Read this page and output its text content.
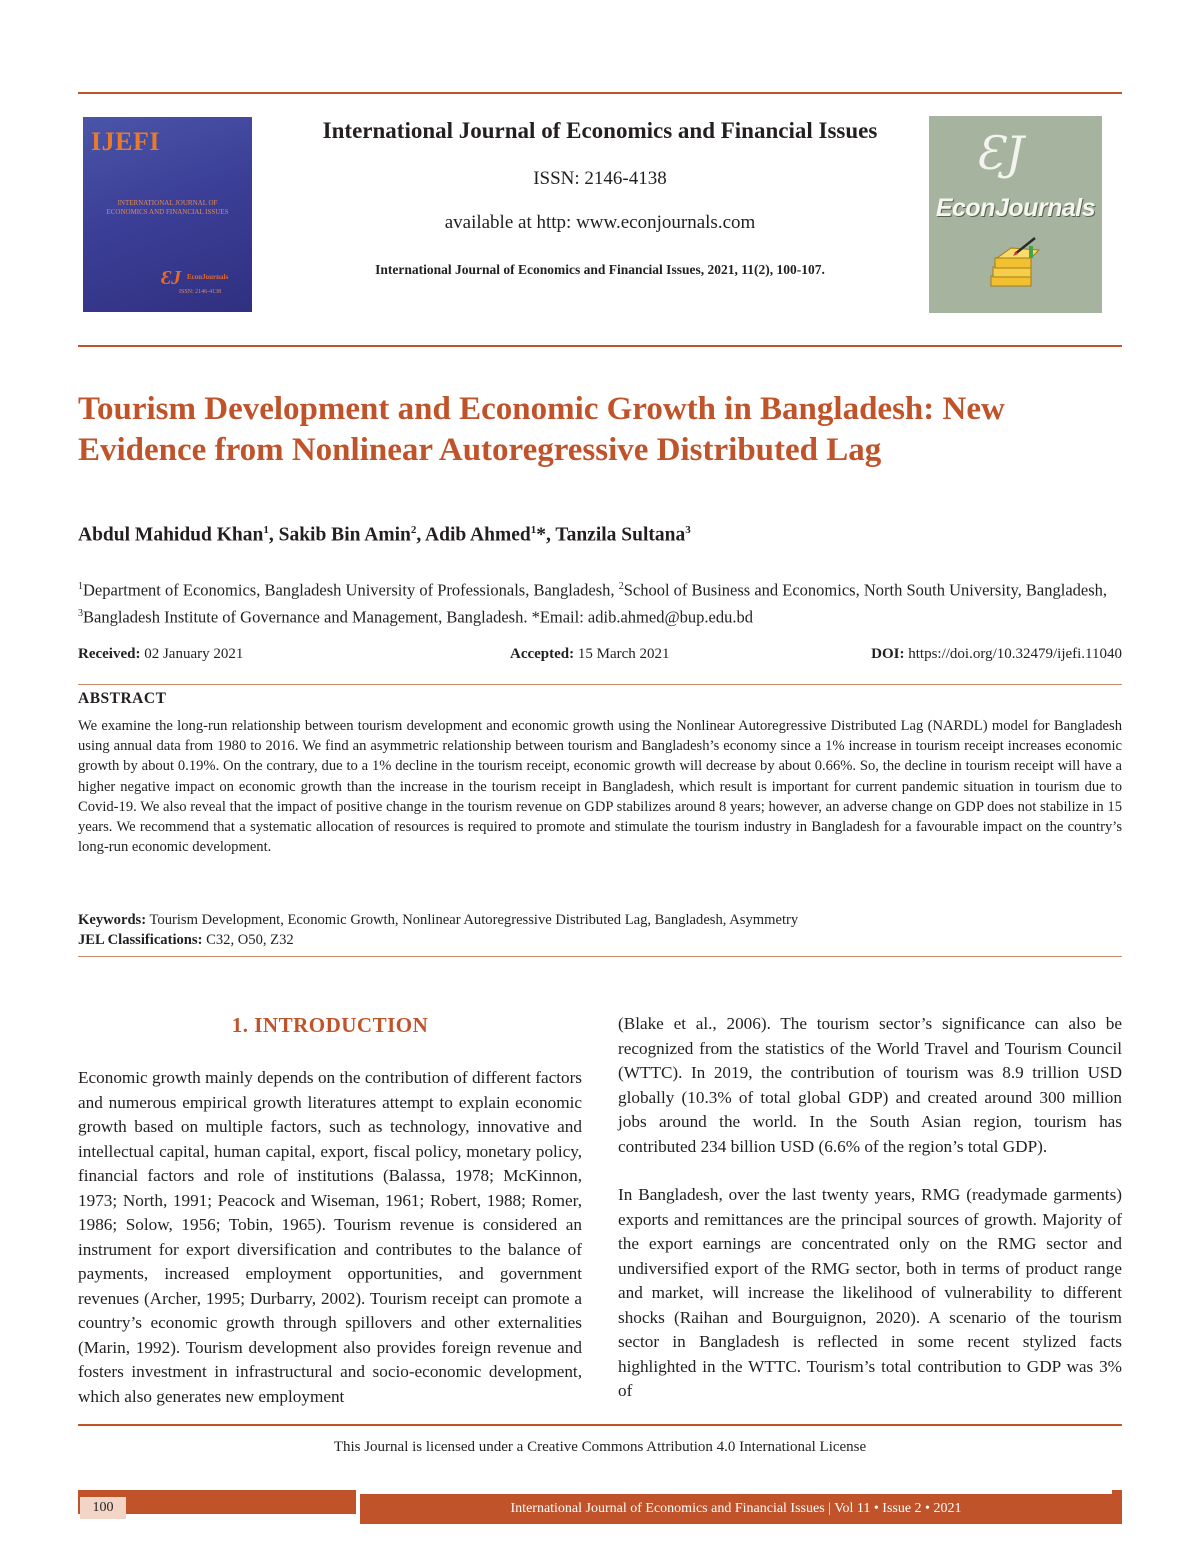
IJEFI
INTERNATIONAL JOURNAL OF
ECONOMICS AND FINANCIAL ISSUES
ƐJ EconJournals
ISSN: 2146-4138
International Journal of Economics and Financial Issues
ISSN: 2146-4138
available at http: www.econjournals.com
International Journal of Economics and Financial Issues, 2021, 11(2), 100-107.
ƐJ
EconJournals
Tourism Development and Economic Growth in Bangladesh: New Evidence from Nonlinear Autoregressive Distributed Lag

Abdul Mahidud Khan$^1$, Sakib Bin Amin$^2$, Adib Ahmed$^1$*, Tanzila Sultana$^3$

$^1$Department of Economics, Bangladesh University of Professionals, Bangladesh, $^2$School of Business and Economics, North South University, Bangladesh, $^3$Bangladesh Institute of Governance and Management, Bangladesh. *Email: adib.ahmed@bup.edu.bd

Received: 02 January 2021	Accepted: 15 March 2021	DOI: https://doi.org/10.32479/ijefi.11040
ABSTRACT

We examine the long-run relationship between tourism development and economic growth using the Nonlinear Autoregressive Distributed Lag (NARDL) model for Bangladesh using annual data from 1980 to 2016. We find an asymmetric relationship between tourism and Bangladesh’s economy since a 1% increase in tourism receipt increases economic growth by about 0.19%. On the contrary, due to a 1% decline in the tourism receipt, economic growth will decrease by about 0.66%. So, the decline in tourism receipt will have a higher negative impact on economic growth than the increase in the tourism receipt in Bangladesh, which result is important for current pandemic situation in tourism due to Covid-19. We also reveal that the impact of positive change in the tourism revenue on GDP stabilizes around 8 years; however, an adverse change on GDP does not stabilize in 15 years. We recommend that a systematic allocation of resources is required to promote and stimulate the tourism industry in Bangladesh for a favourable impact on the country’s long-run economic development.

Keywords: Tourism Development, Economic Growth, Nonlinear Autoregressive Distributed Lag, Bangladesh, Asymmetry
JEL Classifications: C32, O50, Z32
1. INTRODUCTION

Economic growth mainly depends on the contribution of different factors and numerous empirical growth literatures attempt to explain economic growth based on multiple factors, such as technology, innovative and intellectual capital, human capital, export, fiscal policy, monetary policy, financial factors and role of institutions (Balassa, 1978; McKinnon, 1973; North, 1991; Peacock and Wiseman, 1961; Robert, 1988; Romer, 1986; Solow, 1956; Tobin, 1965). Tourism revenue is considered an instrument for export diversification and contributes to the balance of payments, increased employment opportunities, and government revenues (Archer, 1995; Durbarry, 2002). Tourism receipt can promote a country’s economic growth through spillovers and other externalities (Marin, 1992). Tourism development also provides foreign revenue and fosters investment in infrastructural and socio-economic development, which also generates new employment

(Blake et al., 2006). The tourism sector’s significance can also be recognized from the statistics of the World Travel and Tourism Council (WTTC). In 2019, the contribution of tourism was 8.9 trillion USD globally (10.3% of total global GDP) and created around 300 million jobs around the world. In the South Asian region, tourism has contributed 234 billion USD (6.6% of the region’s total GDP).

In Bangladesh, over the last twenty years, RMG (readymade garments) exports and remittances are the principal sources of growth. Majority of the export earnings are concentrated only on the RMG sector and undiversified export of the RMG sector, both in terms of product range and market, will increase the likelihood of vulnerability to different shocks (Raihan and Bourguignon, 2020). A scenario of the tourism sector in Bangladesh is reflected in some recent stylized facts highlighted in the WTTC. Tourism’s total contribution to GDP was 3% of

This Journal is licensed under a Creative Commons Attribution 4.0 International License
100	International Journal of Economics and Financial Issues | Vol 11 • Issue 2 • 2021
